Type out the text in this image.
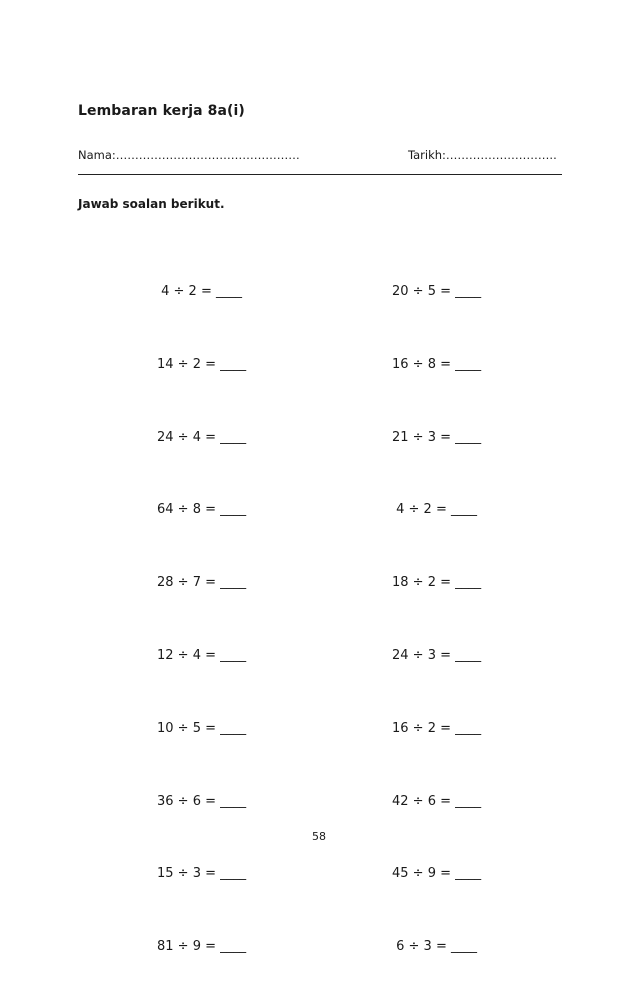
Lembaran kerja 8a(i)
Nama:…………………………………………	Tarikh:………………………..
Jawab soalan berikut.

4 ÷ 2 = ____

14 ÷ 2 = ____

24 ÷ 4 = ____

64 ÷ 8 = ____

28 ÷ 7 = ____

12 ÷ 4 = ____

10 ÷ 5 = ____

36 ÷ 6 = ____

15 ÷ 3 = ____

81 ÷ 9 = ____

20 ÷ 5 = ____

16 ÷ 8 = ____

21 ÷ 3 = ____

4 ÷ 2 = ____

18 ÷ 2 = ____

24 ÷ 3 = ____

16 ÷ 2 = ____

42 ÷ 6 = ____

45 ÷ 9 = ____

6 ÷ 3 = ____

58
